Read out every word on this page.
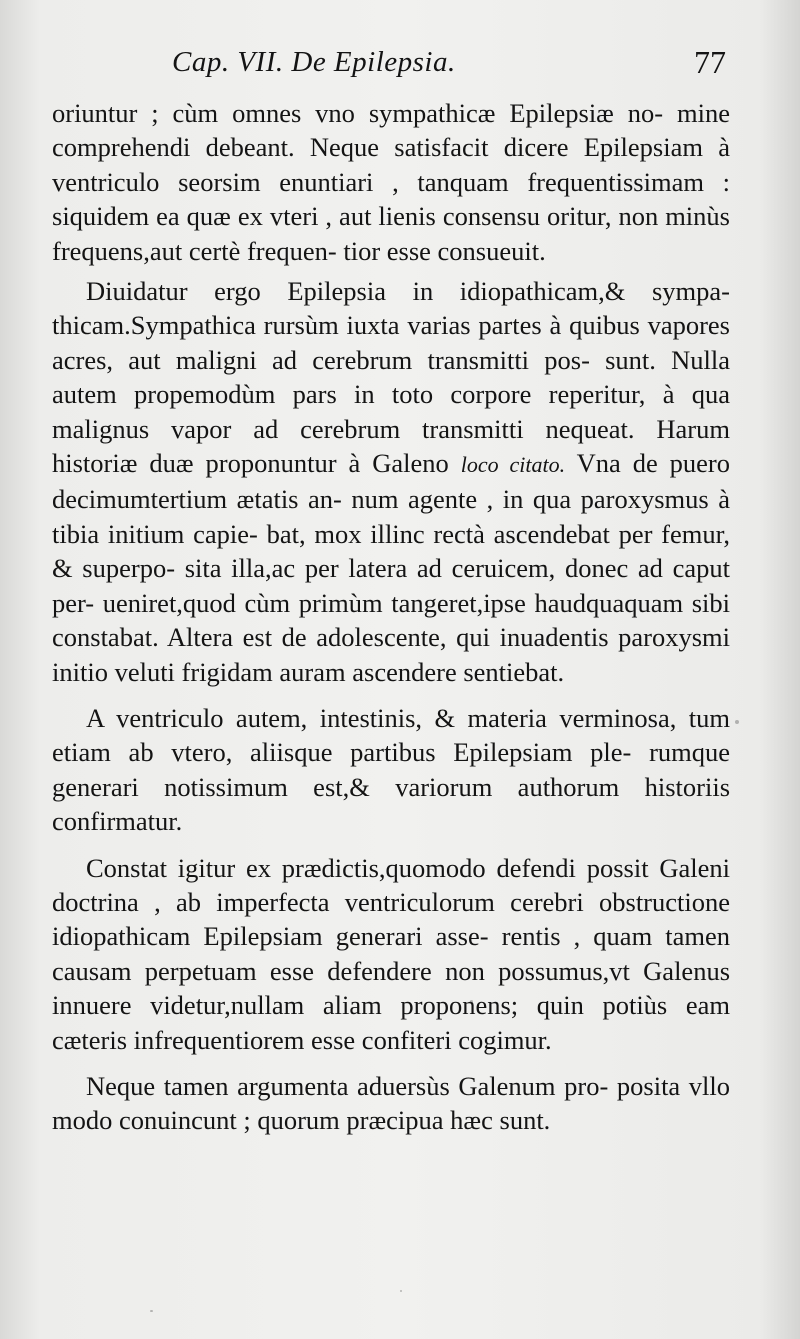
Cap. VII. De Epilepsia.	77

oriuntur ; cùm omnes vno sympathicæ Epilepsiæ no- mine comprehendi debeant. Neque satisfacit dicere Epilepsiam à ventriculo seorsim enuntiari , tanquam frequentissimam : siquidem ea quæ ex vteri , aut lienis consensu oritur, non minùs frequens,aut certè frequen- tior esse consueuit.

Diuidatur ergo Epilepsia in idiopathicam,& sympa- thicam.Sympathica rursùm iuxta varias partes à quibus vapores acres, aut maligni ad cerebrum transmitti pos- sunt. Nulla autem propemodùm pars in toto corpore reperitur, à qua malignus vapor ad cerebrum transmitti nequeat. Harum historiæ duæ proponuntur à Galeno loco citato. Vna de puero decimumtertium ætatis an- num agente , in qua paroxysmus à tibia initium capie- bat, mox illinc rectà ascendebat per femur, & superpo- sita illa,ac per latera ad ceruicem, donec ad caput per- ueniret,quod cùm primùm tangeret,ipse haudquaquam sibi constabat. Altera est de adolescente, qui inuadentis paroxysmi initio veluti frigidam auram ascendere sentiebat.

A ventriculo autem, intestinis, & materia verminosa, tum etiam ab vtero, aliisque partibus Epilepsiam ple- rumque generari notissimum est,& variorum authorum historiis confirmatur.

Constat igitur ex prædictis,quomodo defendi possit Galeni doctrina , ab imperfecta ventriculorum cerebri obstructione idiopathicam Epilepsiam generari asse- rentis , quam tamen causam perpetuam esse defendere non possumus,vt Galenus innuere videtur,nullam aliam proponens; quin potiùs eam cæteris infrequentiorem esse confiteri cogimur.

Neque tamen argumenta aduersùs Galenum pro- posita vllo modo conuincunt ; quorum præcipua hæc sunt.
